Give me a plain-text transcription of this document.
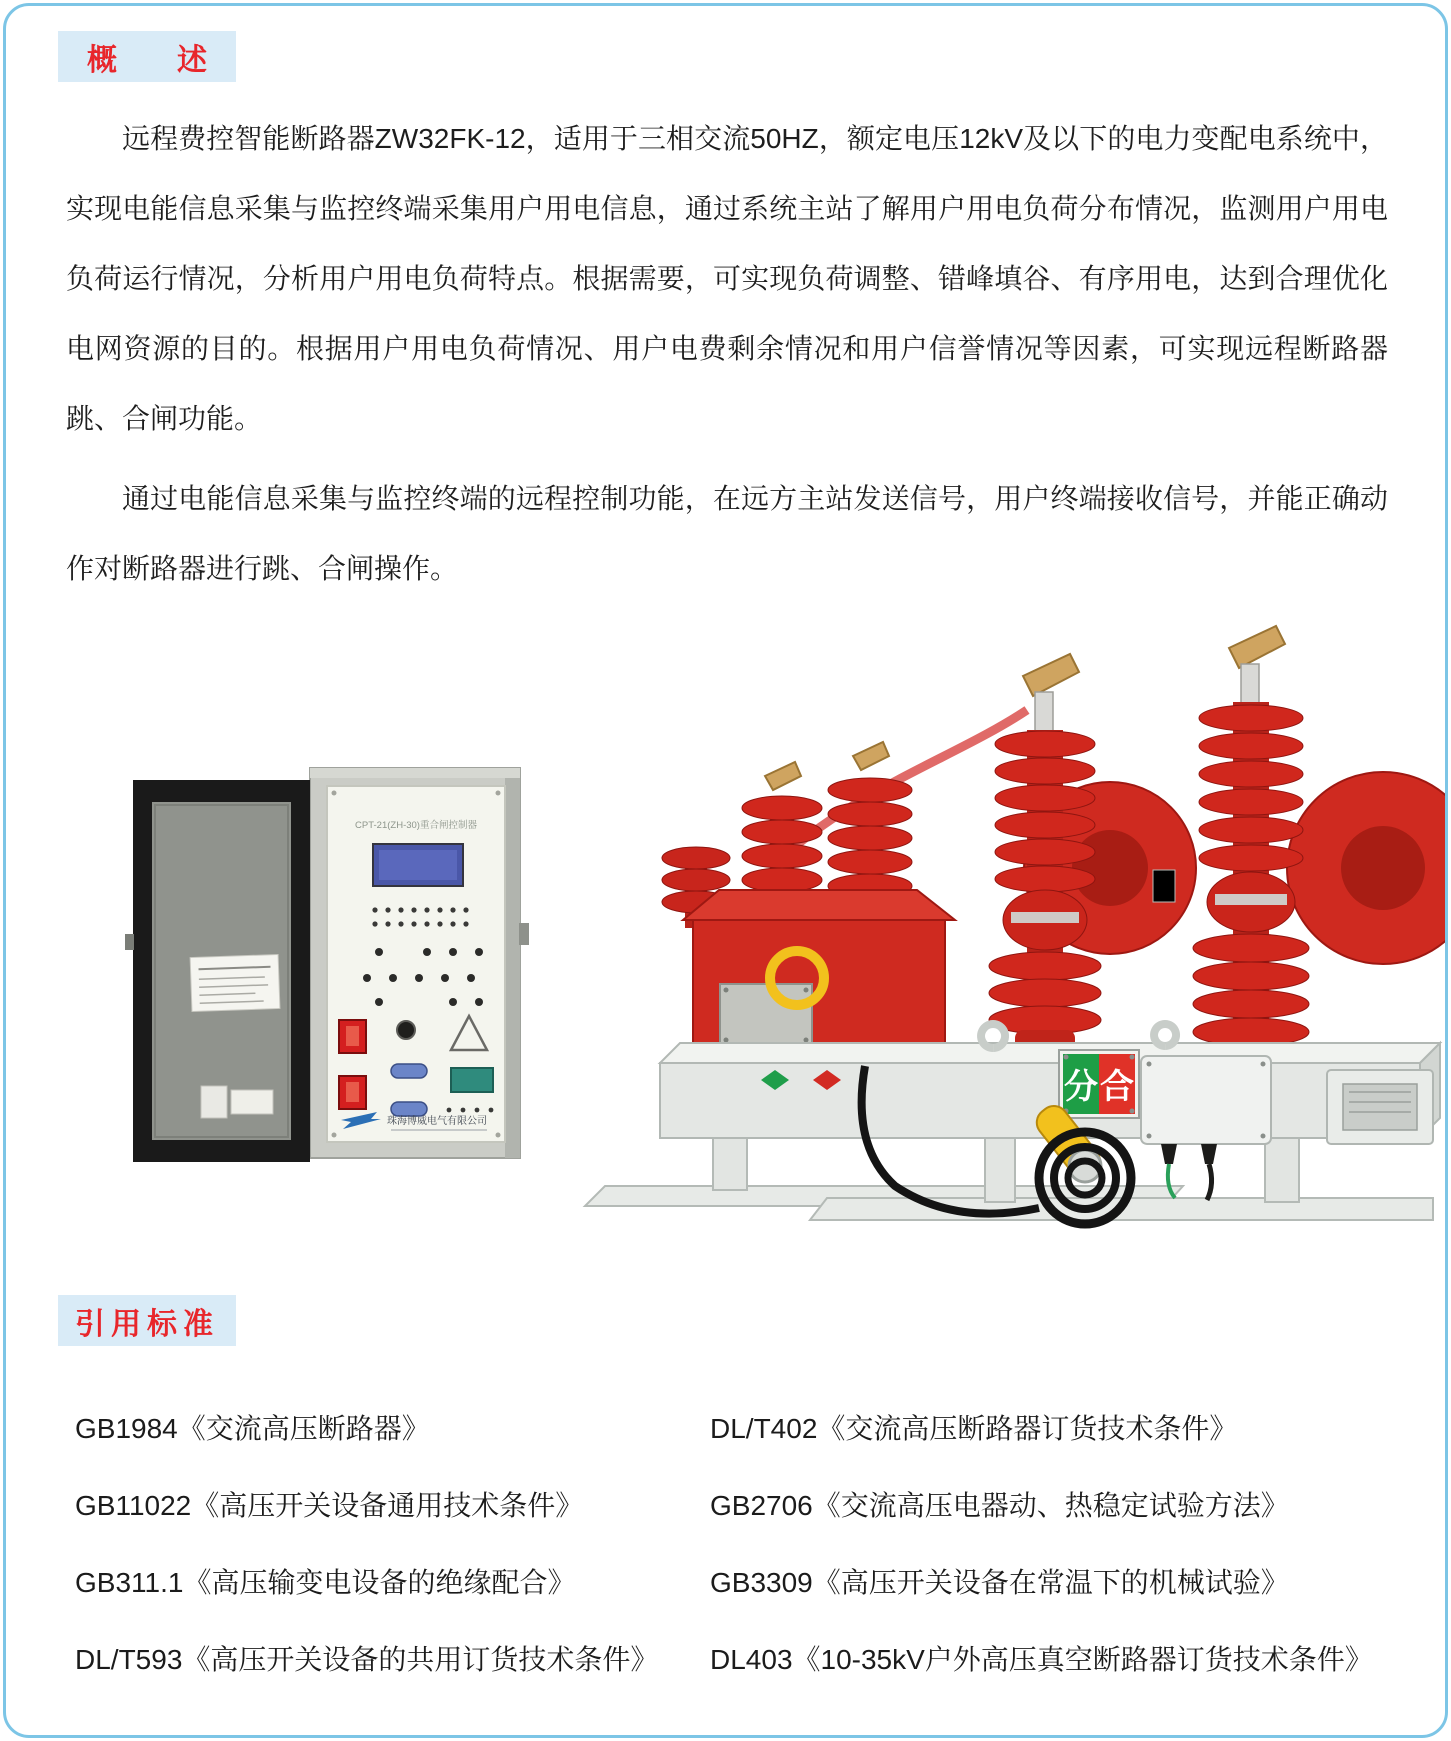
概　　述

远程费控智能断路器ZW32FK-12，适用于三相交流50HZ，额定电压12kV及以下的电力变配电系统中，实现电能信息采集与监控终端采集用户用电信息，通过系统主站了解用户用电负荷分布情况，监测用户用电负荷运行情况，分析用户用电负荷特点。根据需要，可实现负荷调整、错峰填谷、有序用电，达到合理优化电网资源的目的。根据用户用电负荷情况、用户电费剩余情况和用户信誉情况等因素，可实现远程断路器跳、合闸功能。

通过电能信息采集与监控终端的远程控制功能，在远方主站发送信号，用户终端接收信号，并能正确动作对断路器进行跳、合闸操作。

CPT-21(ZH-30)重合闸控制器
珠海博威电气有限公司
分 合
引用标准
GB1984《交流高压断路器》
GB11022《高压开关设备通用技术条件》
GB311.1《高压输变电设备的绝缘配合》
DL/T593《高压开关设备的共用订货技术条件》
DL/T402《交流高压断路器订货技术条件》
GB2706《交流高压电器动、热稳定试验方法》
GB3309《高压开关设备在常温下的机械试验》
DL403《10-35kV户外高压真空断路器订货技术条件》
